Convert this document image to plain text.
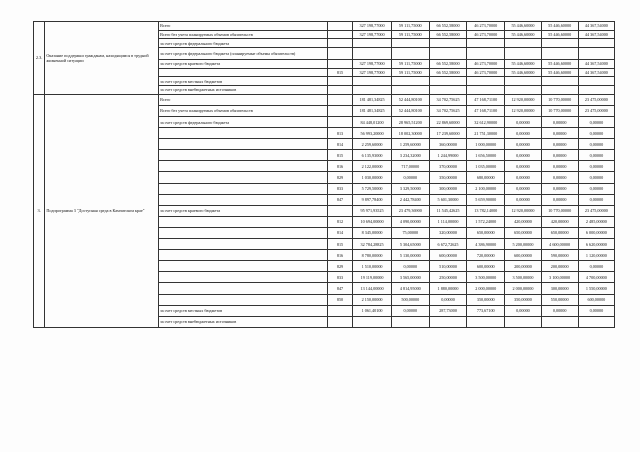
2.3.	Оказание поддержки гражданам, находящимся в трудной жизненной ситуации	Всего		327 198,77000	59 111,75000	66 552,58000	46 273,70000	55 446,60000	55 446,60000	44 367,54000
		Всего без учета планируемых объемов обязательств		327 198,77000	59 111,75000	66 552,58000	46 273,70000	55 446,60000	55 446,60000	44 367,54000
		за счет средств федерального бюджета								
		за счет средств федерального бюджета (планируемые объемы обязательств)								
		за счет средств краевого бюджета		327 198,77000	59 111,75000	66 552,58000	46 273,70000	55 446,60000	55 446,60000	44 367,54000
			815	327 198,77000	59 111,75000	66 552,58000	46 273,70000	55 446,60000	55 446,60000	44 367,54000
		за счет средств местных бюджетов								
		за счет средств внебюджетных источников								
3.	Подпрограмма 3 "Доступная среда в Камчатском крае"	Всего		181 481,34825	52 444,80100	34 702,75625	47 168,71100	12 920,00000	10 770,00000	23 475,00000
		Всего без учета планируемых объемов обязательств		181 481,34825	52 444,80100	34 702,75625	47 168,71100	12 920,00000	10 770,00000	23 475,00000
		за счет средств федерального бюджета		84 448,01200	28 965,51200	22 869,60000	32 612,90000	0,00000	0,00000	0,00000
			813	56 993,20000	18 002,30000	17 239,60000	21 751,30000	0,00000	0,00000	0,00000
			814	2 259,60000	1 259,60000	360,00000	1 000,00000	0,00000	0,00000	0,00000
			815	6 135,93000	3 234,32000	1 244,99000	1 656,50000	0,00000	0,00000	0,00000
			816	2 122,00000	717,00000	370,00000	1 035,00000	0,00000	0,00000	0,00000
			829	1 030,00000	0,00000	350,00000	680,00000	0,00000	0,00000	0,00000
			833	5 729,50000	3 329,50000	300,00000	2 100,00000	0,00000	0,00000	0,00000
			847	9 897,78400	2 442,78400	5 601,30000	5 659,90000	0,00000	0,00000	0,00000
		за счет средств краевого бюджета		95 971,93525	23 479,36900	11 545,42625	13 782,14000	12 920,00000	10 770,00000	23 475,00000
			812	10 694,00000	4 090,00000	1 114,00000	1 572,24000	420,00000	420,00000	2 485,00000
			814	8 345,00000	75,00000	320,00000	650,00000	650,00000	650,00000	6 000,00000
			815	32 784,28825	5 304,65000	6 672,72625	4 386,90000	5 200,00000	4 600,00000	6 620,00000
			816	8 780,00000	5 130,00000	600,00000	720,00000	600,00000	590,00000	1 120,00000
			829	1 510,00000	0,00000	510,00000	600,00000	200,00000	200,00000	0,00000
			833	19 119,00000	3 565,00000	250,00000	3 500,00000	3 500,00000	3 100,00000	4 700,00000
			847	13 144,00000	4 814,95000	1 880,00000	2 000,00000	2 000,00000	300,00000	1 550,00000
			850	2 150,00000	500,00000	0,00000	350,00000	350,00000	550,00000	600,00000
		за счет средств местных бюджетов		1 061,40100	0,00000	287,73000	773,67100	0,00000	0,00000	0,00000
		за счет средств внебюджетных источников								
